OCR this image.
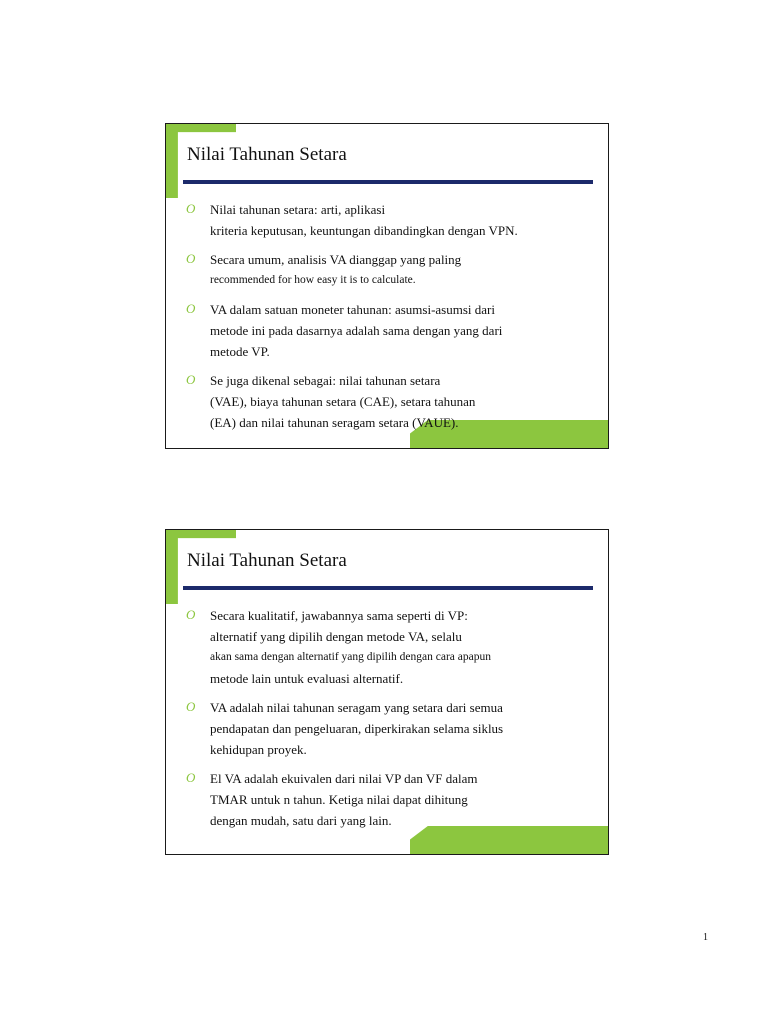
Nilai Tahunan Setara
O Nilai tahunan setara: arti, aplikasi
kriteria keputusan, keuntungan dibandingkan dengan VPN.
O Secara umum, analisis VA dianggap yang paling
recommended for how easy it is to calculate.
O VA dalam satuan moneter tahunan: asumsi-asumsi dari
metode ini pada dasarnya adalah sama dengan yang dari
metode VP.
O Se juga dikenal sebagai: nilai tahunan setara
(VAE), biaya tahunan setara (CAE), setara tahunan
(EA) dan nilai tahunan seragam setara (VAUE).
Nilai Tahunan Setara
O Secara kualitatif, jawabannya sama seperti di VP:
alternatif yang dipilih dengan metode VA, selalu
akan sama dengan alternatif yang dipilih dengan cara apapun
metode lain untuk evaluasi alternatif.
O VA adalah nilai tahunan seragam yang setara dari semua
pendapatan dan pengeluaran, diperkirakan selama siklus
kehidupan proyek.
O El VA adalah ekuivalen dari nilai VP dan VF dalam
TMAR untuk n tahun. Ketiga nilai dapat dihitung
dengan mudah, satu dari yang lain.
1
